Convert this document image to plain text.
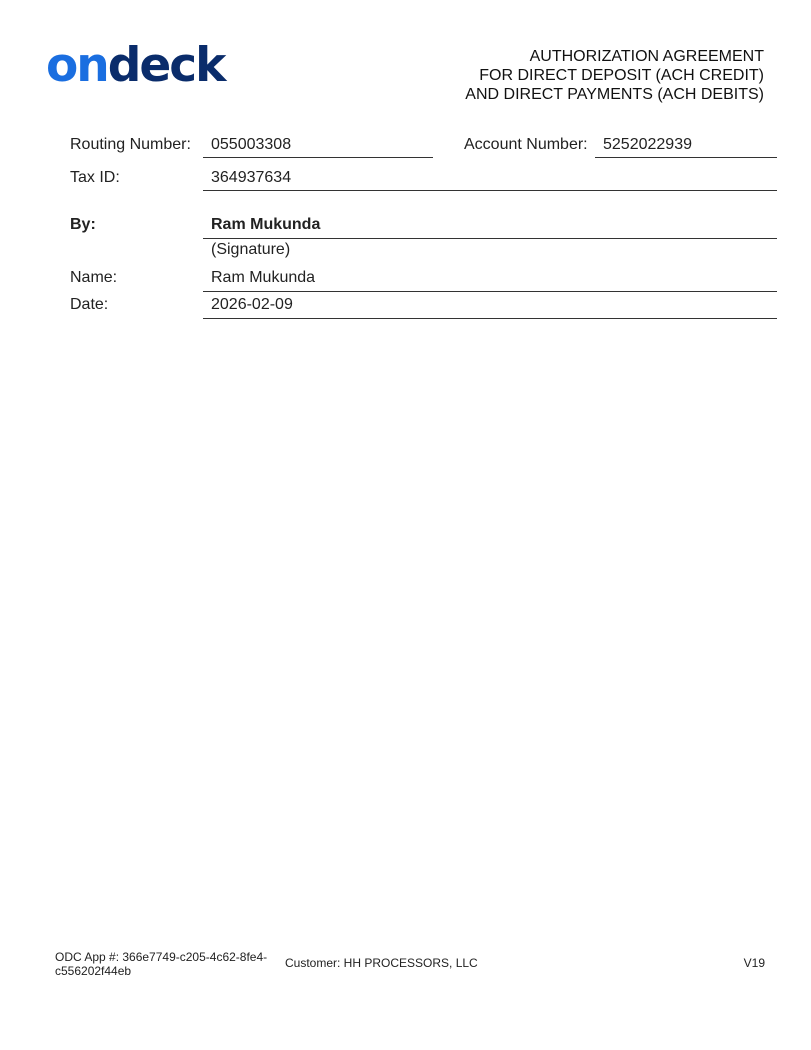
ondeck	AUTHORIZATION AGREEMENT
FOR DIRECT DEPOSIT (ACH CREDIT)
AND DIRECT PAYMENTS (ACH DEBITS)
Routing Number: 055003308	Account Number: 5252022939
Tax ID:	364937634
By:	Ram Mukunda
(Signature)
Name:	Ram Mukunda
Date:	2026-02-09
ODC App #: 366e7749-c205-4c62-8fe4-
c556202f44eb
Customer: HH PROCESSORS, LLC	V19
